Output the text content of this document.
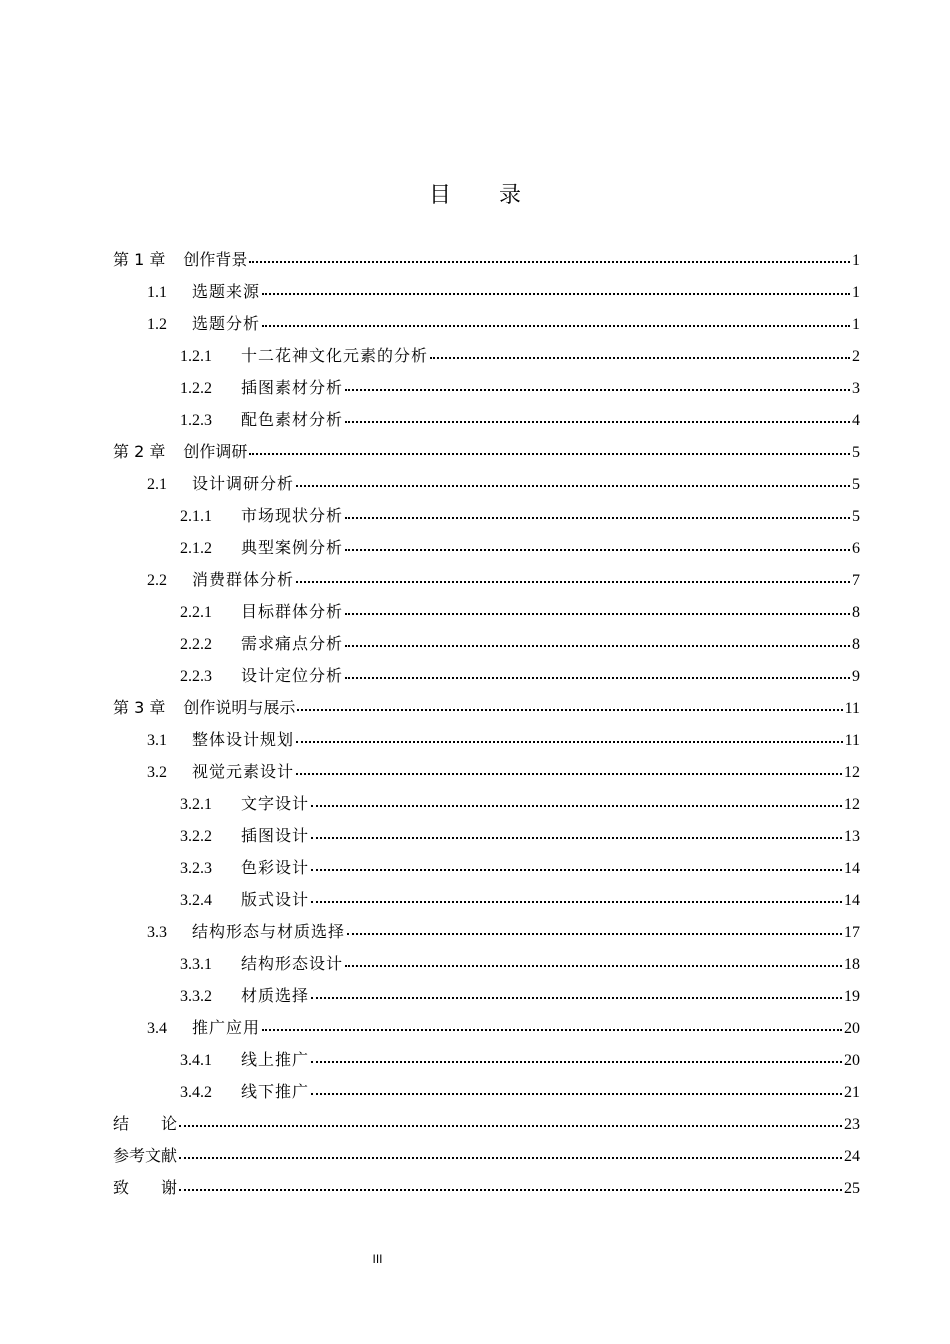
目 录
第 1 章 创作背景	1
1.1	选题来源	1
1.2	选题分析	1
1.2.1	十二花神文化元素的分析	2
1.2.2	插图素材分析	3
1.2.3	配色素材分析	4
第 2 章 创作调研	5
2.1	设计调研分析	5
2.1.1	市场现状分析	5
2.1.2	典型案例分析	6
2.2	消费群体分析	7
2.2.1	目标群体分析	8
2.2.2	需求痛点分析	8
2.2.3	设计定位分析	9
第 3 章 创作说明与展示	11
3.1	整体设计规划	11
3.2	视觉元素设计	12
3.2.1	文字设计	12
3.2.2	插图设计	13
3.2.3	色彩设计	14
3.2.4	版式设计	14
3.3	结构形态与材质选择	17
3.3.1	结构形态设计	18
3.3.2	材质选择	19
3.4	推广应用	20
3.4.1	线上推广	20
3.4.2	线下推广	21
结　　论	23
参考文献	24
致　　谢	25
III
